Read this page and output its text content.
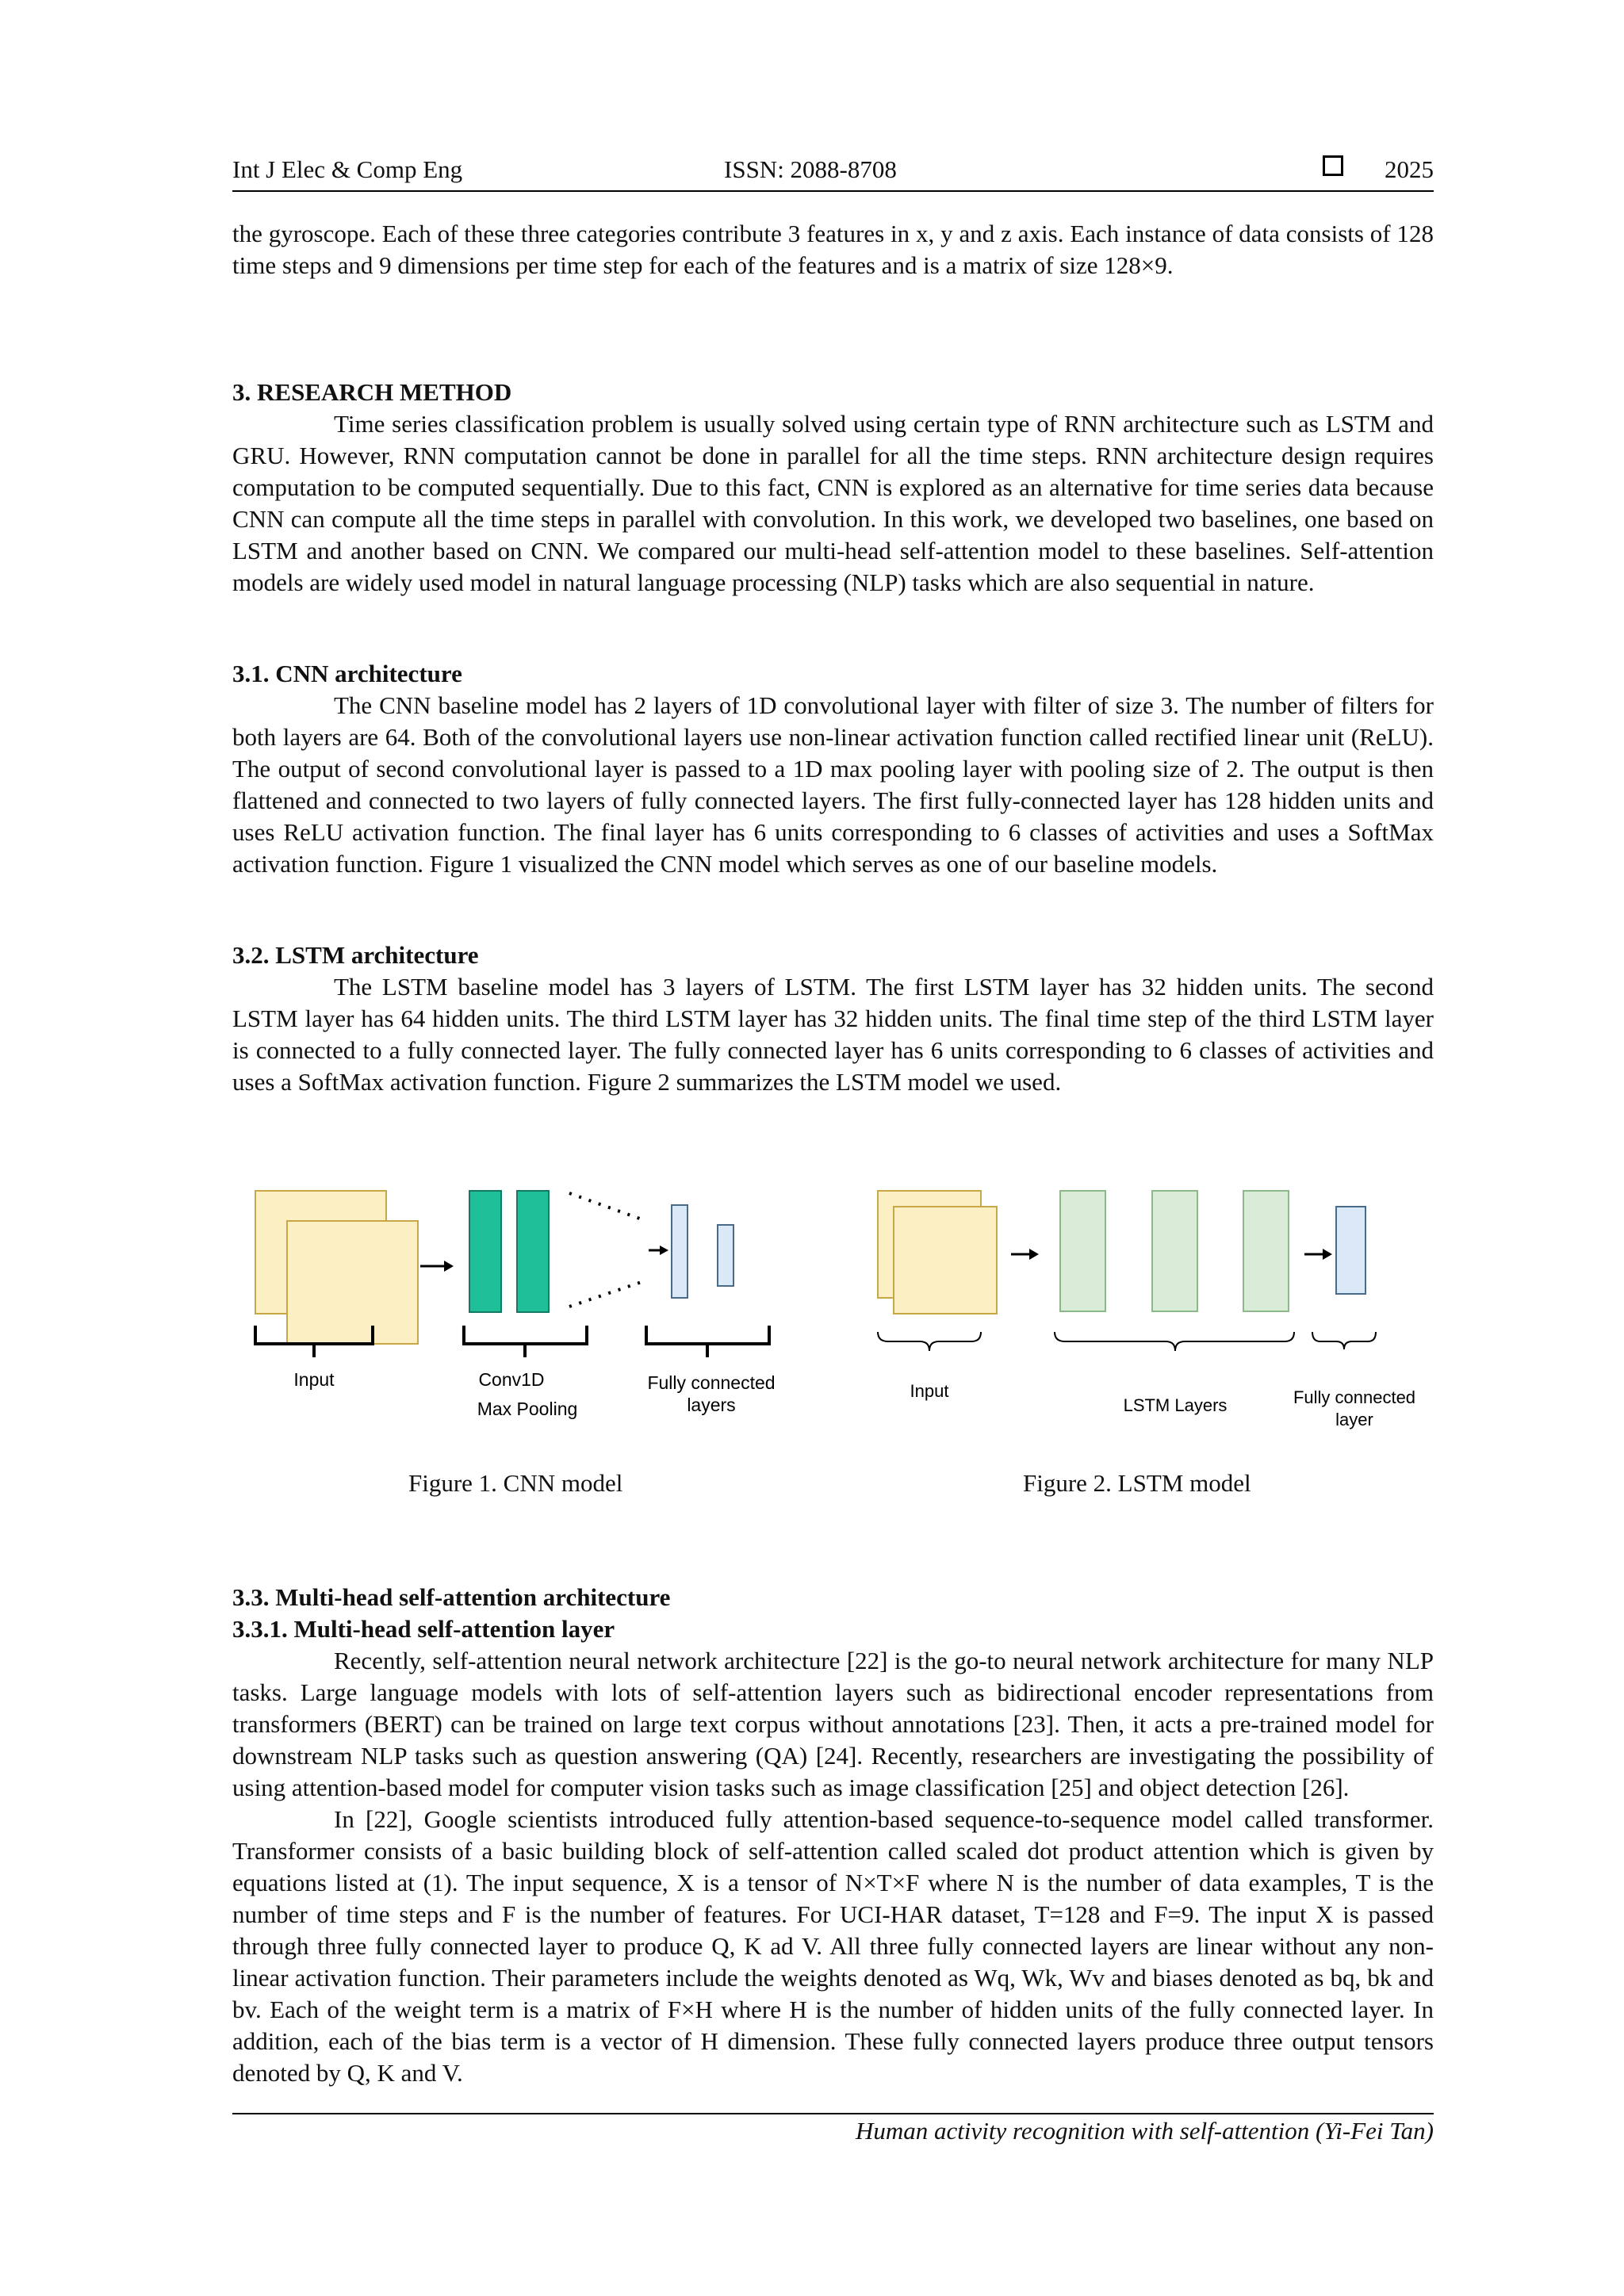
Int J Elec & Comp Eng	ISSN: 2088-8708	2025

the gyroscope. Each of these three categories contribute 3 features in x, y and z axis. Each instance of data consists of 128 time steps and 9 dimensions per time step for each of the features and is a matrix of size 128×9.

3. RESEARCH METHOD

Time series classification problem is usually solved using certain type of RNN architecture such as LSTM and GRU. However, RNN computation cannot be done in parallel for all the time steps. RNN architecture design requires computation to be computed sequentially. Due to this fact, CNN is explored as an alternative for time series data because CNN can compute all the time steps in parallel with convolution. In this work, we developed two baselines, one based on LSTM and another based on CNN. We compared our multi-head self-attention model to these baselines. Self-attention models are widely used model in natural language processing (NLP) tasks which are also sequential in nature.

3.1. CNN architecture

The CNN baseline model has 2 layers of 1D convolutional layer with filter of size 3. The number of filters for both layers are 64. Both of the convolutional layers use non-linear activation function called rectified linear unit (ReLU). The output of second convolutional layer is passed to a 1D max pooling layer with pooling size of 2. The output is then flattened and connected to two layers of fully connected layers. The first fully-connected layer has 128 hidden units and uses ReLU activation function. The final layer has 6 units corresponding to 6 classes of activities and uses a SoftMax activation function. Figure 1 visualized the CNN model which serves as one of our baseline models.

3.2. LSTM architecture

The LSTM baseline model has 3 layers of LSTM. The first LSTM layer has 32 hidden units. The second LSTM layer has 64 hidden units. The third LSTM layer has 32 hidden units. The final time step of the third LSTM layer is connected to a fully connected layer. The fully connected layer has 6 units corresponding to 6 classes of activities and uses a SoftMax activation function. Figure 2 summarizes the LSTM model we used.

Input	Conv1D
Max Pooling
Fully connected
layers
Figure 1. CNN model
Input
LSTM Layers	Fully connected
layer
Figure 2. LSTM model
3.3. Multi-head self-attention architecture
3.3.1. Multi-head self-attention layer

Recently, self-attention neural network architecture [22] is the go-to neural network architecture for many NLP tasks. Large language models with lots of self-attention layers such as bidirectional encoder representations from transformers (BERT) can be trained on large text corpus without annotations [23]. Then, it acts a pre-trained model for downstream NLP tasks such as question answering (QA) [24]. Recently, researchers are investigating the possibility of using attention-based model for computer vision tasks such as image classification [25] and object detection [26].

In [22], Google scientists introduced fully attention-based sequence-to-sequence model called transformer. Transformer consists of a basic building block of self-attention called scaled dot product attention which is given by equations listed at (1). The input sequence, X is a tensor of N×T×F where N is the number of data examples, T is the number of time steps and F is the number of features. For UCI-HAR dataset, T=128 and F=9. The input X is passed through three fully connected layer to produce Q, K ad V. All three fully connected layers are linear without any non-linear activation function. Their parameters include the weights denoted as Wq, Wk, Wv and biases denoted as bq, bk and bv. Each of the weight term is a matrix of F×H where H is the number of hidden units of the fully connected layer. In addition, each of the bias term is a vector of H dimension. These fully connected layers produce three output tensors denoted by Q, K and V.

Human activity recognition with self-attention (Yi-Fei Tan)
